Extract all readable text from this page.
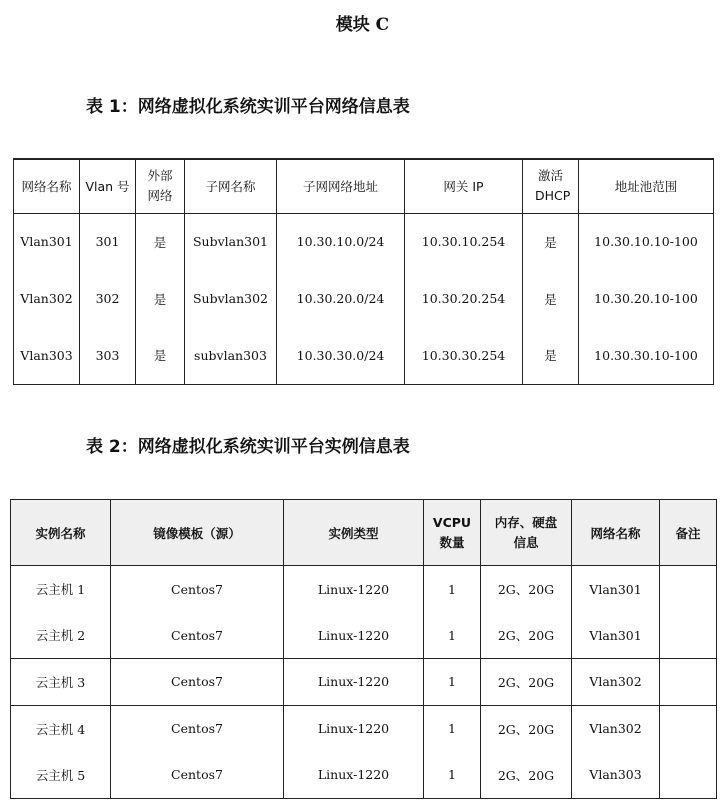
模块 C
表 1：网络虚拟化系统实训平台网络信息表
网络名称	Vlan 号	外部网络	子网名称	子网网络地址	网关 IP	激活 DHCP	地址池范围
Vlan301	301	是	Subvlan301	10.30.10.0/24	10.30.10.254	是	10.30.10.10-100
Vlan302	302	是	Subvlan302	10.30.20.0/24	10.30.20.254	是	10.30.20.10-100
Vlan303	303	是	subvlan303	10.30.30.0/24	10.30.30.254	是	10.30.30.10-100
表 2：网络虚拟化系统实训平台实例信息表
实例名称	镜像模板（源）	实例类型	VCPU 数量	内存、硬盘信息	网络名称	备注
云主机 1	Centos7	Linux-1220	1	2G、20G	Vlan301	
云主机 2	Centos7	Linux-1220	1	2G、20G	Vlan301	
云主机 3	Centos7	Linux-1220	1	2G、20G	Vlan302	
云主机 4	Centos7	Linux-1220	1	2G、20G	Vlan302	
云主机 5	Centos7	Linux-1220	1	2G、20G	Vlan303	
